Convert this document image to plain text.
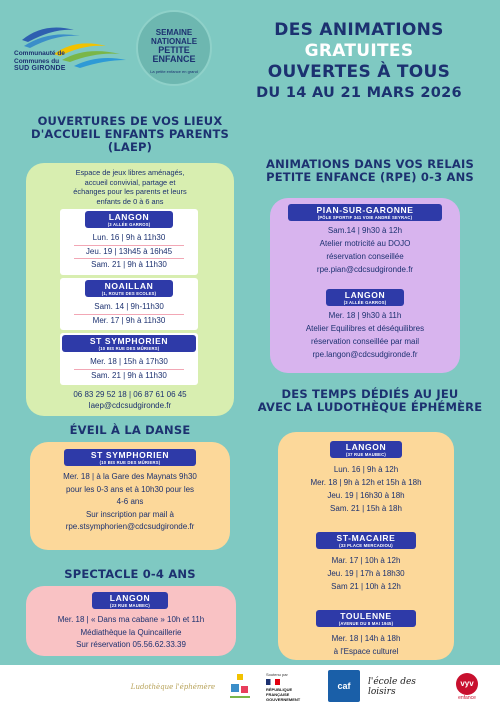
Communauté de
Communes du
SUD GIRONDE
SEMAINE
NATIONALE
PETITE
ENFANCE
La petite enfance en grand
DES ANIMATIONS
GRATUITES
OUVERTES À TOUS
DU 14 AU 21 MARS 2026
OUVERTURES DE VOS LIEUX
D'ACCUEIL ENFANTS PARENTS
(LAEP)
Espace de jeux libres aménagés,
accueil convivial, partage et
échanges pour les parents et leurs
enfants de 0 à 6 ans
LANGON
(3 ALLÉE GARROS)
Lun. 16 | 9h à 11h30
Jeu. 19 | 13h45 à 16h45
Sam. 21 | 9h à 11h30
NOAILLAN
(1, ROUTE DES ECOLES)
Sam. 14 | 9h-11h30
Mer. 17 | 9h à 11h30
ST SYMPHORIEN
(10 BIS RUE DES MÛRIERS)
Mer. 18 | 15h à 17h30
Sam. 21 | 9h à 11h30
06 83 29 52 18 | 06 87 61 06 45
laep@cdcsudgironde.fr
ÉVEIL À LA DANSE
ST SYMPHORIEN
(10 BIS RUE DES MÛRIERS)
Mer. 18 | à la Gare des Maynats 9h30
pour les 0-3 ans et à 10h30 pour les
4-6 ans
Sur inscription par mail à
rpe.stsymphorien@cdcsudgironde.fr
SPECTACLE 0-4 ANS
LANGON
(23 RUE MAUBEC)
Mer. 18 | « Dans ma cabane » 10h et 11h
Médiathèque la Quincaillerie
Sur réservation 05.56.62.33.39
ANIMATIONS DANS VOS RELAIS
PETITE ENFANCE (RPE) 0-3 ANS
PIAN-SUR-GARONNE
(PÔLE SPORTIF 341 VOIE ANDRÉ SEYRAC)
Sam.14 | 9h30 à 12h
Atelier motricité au DOJO
réservation conseillée
rpe.pian@cdcsudgironde.fr
LANGON
(3 ALLÉE GARROS)
Mer. 18 | 9h30 à 11h
Atelier Equilibres et déséquilibres
réservation conseillée par mail
rpe.langon@cdcsudgironde.fr
DES TEMPS DÉDIÉS AU JEU
AVEC LA LUDOTHÈQUE ÉPHÉMÈRE
LANGON
(37 RUE MAUBEC)
Lun. 16 | 9h à 12h
Mer. 18 | 9h à 12h et 15h à 18h
Jeu. 19 | 16h30 à 18h
Sam. 21 | 15h à 18h
ST-MACAIRE
(33 PLACE MERCADIOU)
Mar. 17 | 10h à 12h
Jeu. 19 | 17h à 18h30
Sam 21 | 10h à 12h
TOULENNE
(AVENUE DU 8 MAI 1945)
Mer. 18 | 14h à 18h
à l'Espace culturel
Ludothèque l'éphémère
Soutenu par
RÉPUBLIQUE
FRANÇAISE
GOUVERNEMENT
caf l'école des loisirs
vyv
enfance
